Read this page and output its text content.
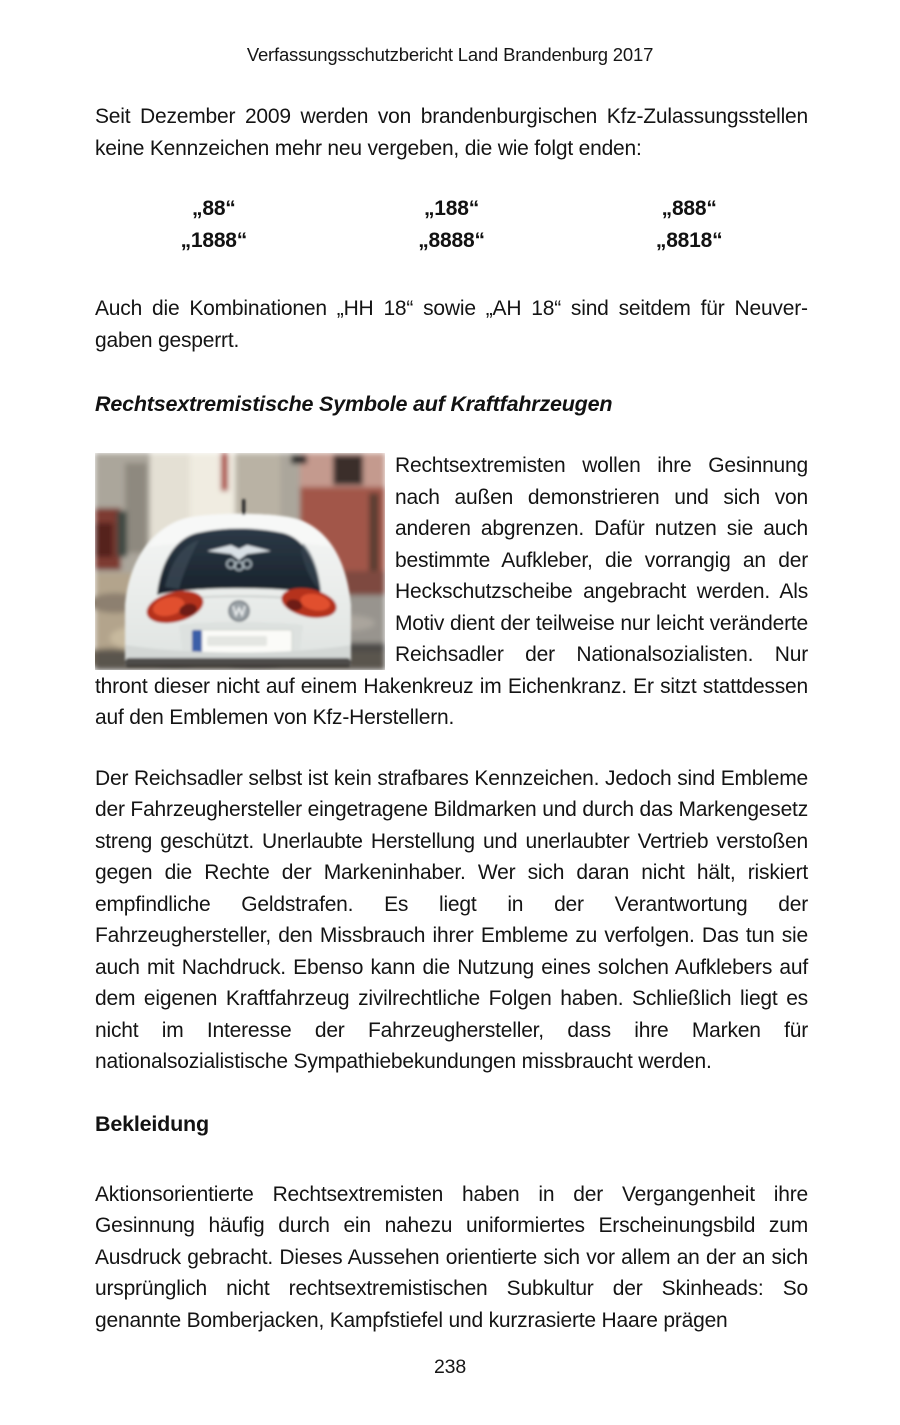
Verfassungsschutzbericht Land Brandenburg 2017

Seit Dezember 2009 werden von brandenburgischen Kfz-Zulassungsstellen keine Kennzeichen mehr neu vergeben, die wie folgt enden:

„88“	„188“	„888“
„1888“	„8888“	„8818“

Auch die Kombinationen „HH 18“ sowie „AH 18“ sind seitdem für Neuvergaben gesperrt.

Rechtsextremistische Symbole auf Kraftfahrzeugen

Rechtsextremisten wollen ihre Gesinnung nach außen demonstrieren und sich von anderen abgrenzen. Dafür nutzen sie auch bestimmte Aufkleber, die vorrangig an der Heckschutzscheibe angebracht werden. Als Motiv dient der teilweise nur leicht veränderte Reichsadler der Nationalsozialisten. Nur thront dieser nicht auf einem Hakenkreuz im Eichenkranz. Er sitzt stattdessen auf den Emblemen von Kfz-Herstellern.

Der Reichsadler selbst ist kein strafbares Kennzeichen. Jedoch sind Embleme der Fahrzeughersteller eingetragene Bildmarken und durch das Markengesetz streng geschützt. Unerlaubte Herstellung und unerlaubter Vertrieb verstoßen gegen die Rechte der Markeninhaber. Wer sich daran nicht hält, riskiert empfindliche Geldstrafen. Es liegt in der Verantwortung der Fahrzeughersteller, den Missbrauch ihrer Embleme zu verfolgen. Das tun sie auch mit Nachdruck. Ebenso kann die Nutzung eines solchen Aufklebers auf dem eigenen Kraftfahrzeug zivilrechtliche Folgen haben. Schließlich liegt es nicht im Interesse der Fahrzeughersteller, dass ihre Marken für nationalsozialistische Sympathiebekundungen missbraucht werden.

Bekleidung

Aktionsorientierte Rechtsextremisten haben in der Vergangenheit ihre Gesinnung häufig durch ein nahezu uniformiertes Erscheinungsbild zum Ausdruck gebracht. Dieses Aussehen orientierte sich vor allem an der an sich ursprünglich nicht rechtsextremistischen Subkultur der Skinheads: So genannte Bomberjacken, Kampfstiefel und kurzrasierte Haare prägen

238
